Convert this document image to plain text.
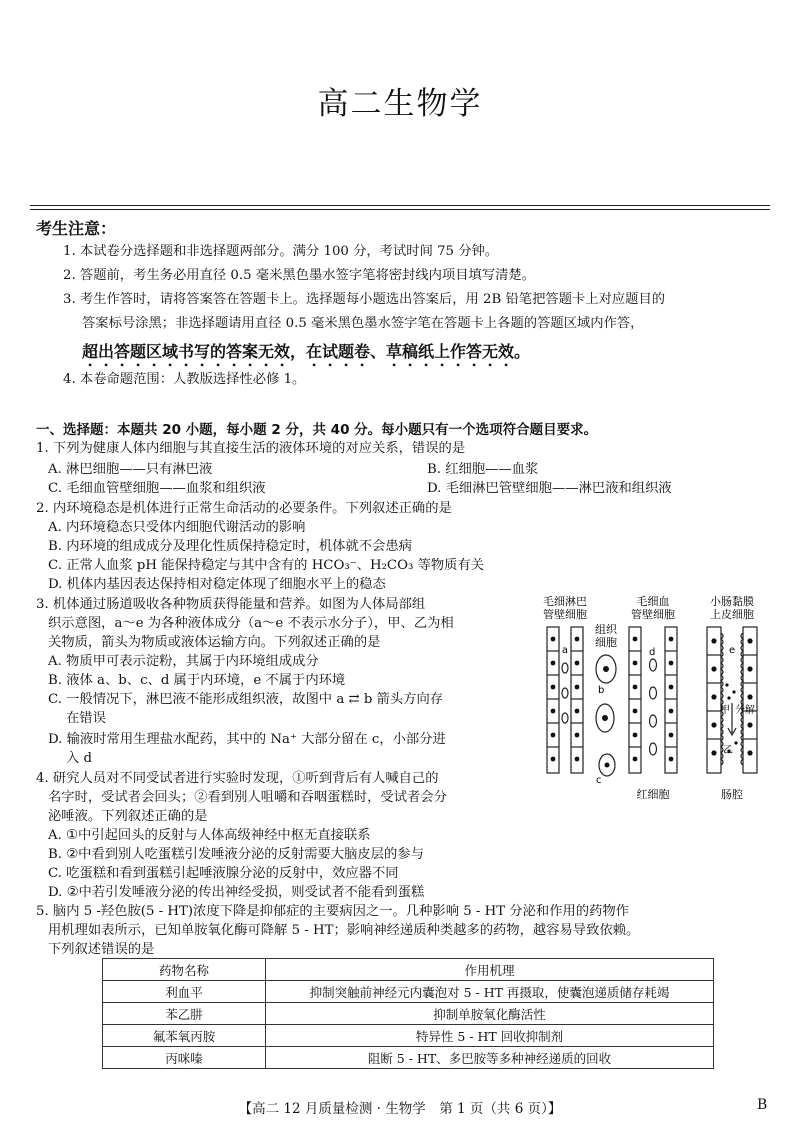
高二生物学
考生注意：
1. 本试卷分选择题和非选择题两部分。满分 100 分，考试时间 75 分钟。
2. 答题前，考生务必用直径 0.5 毫米黑色墨水签字笔将密封线内项目填写清楚。
3. 考生作答时，请将答案答在答题卡上。选择题每小题选出答案后，用 2B 铅笔把答题卡上对应题目的
答案标号涂黑；非选择题请用直径 0.5 毫米黑色墨水签字笔在答题卡上各题的答题区域内作答，
超出答题区域书写的答案无效，在试题卷、草稿纸上作答无效。
4. 本卷命题范围：人教版选择性必修 1。
一、选择题：本题共 20 小题，每小题 2 分，共 40 分。每小题只有一个选项符合题目要求。
1. 下列为健康人体内细胞与其直接生活的液体环境的对应关系，错误的是
A. 淋巴细胞——只有淋巴液	B. 红细胞——血浆
C. 毛细血管壁细胞——血浆和组织液	D. 毛细淋巴管壁细胞——淋巴液和组织液
2. 内环境稳态是机体进行正常生命活动的必要条件。下列叙述正确的是
A. 内环境稳态只受体内细胞代谢活动的影响
B. 内环境的组成成分及理化性质保持稳定时，机体就不会患病
C. 正常人血浆 pH 能保持稳定与其中含有的 HCO₃⁻、H₂CO₃ 等物质有关
D. 机体内基因表达保持相对稳定体现了细胞水平上的稳态
3. 机体通过肠道吸收各种物质获得能量和营养。如图为人体局部组
织示意图，a～e 为各种液体成分（a～e 不表示水分子），甲、乙为相
关物质，箭头为物质或液体运输方向。下列叙述正确的是
A. 物质甲可表示淀粉，其属于内环境组成成分
B. 液体 a、b、c、d 属于内环境，e 不属于内环境
C. 一般情况下，淋巴液不能形成组织液，故图中 a ⇄ b 箭头方向存
在错误
D. 输液时常用生理盐水配药，其中的 Na⁺ 大部分留在 c，小部分进
入 d
毛细淋巴
管壁细胞
毛细血
管壁细胞
小肠黏膜
上皮细胞
组织
细胞
a
b
c
d	e
甲 分解
乙
红细胞	肠腔
4. 研究人员对不同受试者进行实验时发现，①听到背后有人喊自己的
名字时，受试者会回头；②看到别人咀嚼和吞咽蛋糕时，受试者会分
泌唾液。下列叙述正确的是
A. ①中引起回头的反射与人体高级神经中枢无直接联系
B. ②中看到别人吃蛋糕引发唾液分泌的反射需要大脑皮层的参与
C. 吃蛋糕和看到蛋糕引起唾液腺分泌的反射中，效应器不同
D. ②中若引发唾液分泌的传出神经受损，则受试者不能看到蛋糕
5. 脑内 5 -羟色胺(5 - HT)浓度下降是抑郁症的主要病因之一。几种影响 5 - HT 分泌和作用的药物作
用机理如表所示，已知单胺氧化酶可降解 5 - HT；影响神经递质种类越多的药物，越容易导致依赖。
下列叙述错误的是
药物名称	作用机理
利血平	抑制突触前神经元内囊泡对 5 - HT 再摄取，使囊泡递质储存耗竭
苯乙肼	抑制单胺氧化酶活性
氟苯氧丙胺	特异性 5 - HT 回收抑制剂
丙咪嗪	阻断 5 - HT、多巴胺等多种神经递质的回收
【高二 12 月质量检测 · 生物学　第 1 页（共 6 页）】	B
